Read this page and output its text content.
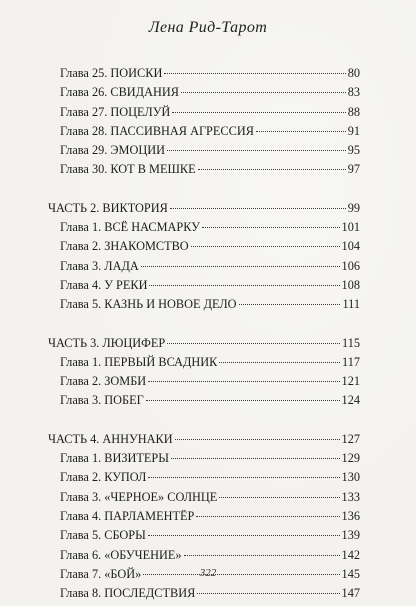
Лена Рид-Тарот
Глава 25. ПОИСКИ	80
Глава 26. СВИДАНИЯ	83
Глава 27. ПОЦЕЛУЙ	88
Глава 28. ПАССИВНАЯ АГРЕССИЯ	91
Глава 29. ЭМОЦИИ	95
Глава 30. КОТ В МЕШКЕ	97
ЧАСТЬ 2. ВИКТОРИЯ	99
Глава 1. ВСЁ НАСМАРКУ	101
Глава 2. ЗНАКОМСТВО	104
Глава 3. ЛАДА	106
Глава 4. У РЕКИ	108
Глава 5. КАЗНЬ И НОВОЕ ДЕЛО	111
ЧАСТЬ 3. ЛЮЦИФЕР	115
Глава 1. ПЕРВЫЙ ВСАДНИК	117
Глава 2. ЗОМБИ	121
Глава 3. ПОБЕГ	124
ЧАСТЬ 4. АННУНАКИ	127
Глава 1. ВИЗИТЕРЫ	129
Глава 2. КУПОЛ	130
Глава 3. «ЧЕРНОЕ» СОЛНЦЕ	133
Глава 4. ПАРЛАМЕНТЁР	136
Глава 5. СБОРЫ	139
Глава 6. «ОБУЧЕНИЕ»	142
Глава 7. «БОЙ»	145
Глава 8. ПОСЛЕДСТВИЯ	147
322
